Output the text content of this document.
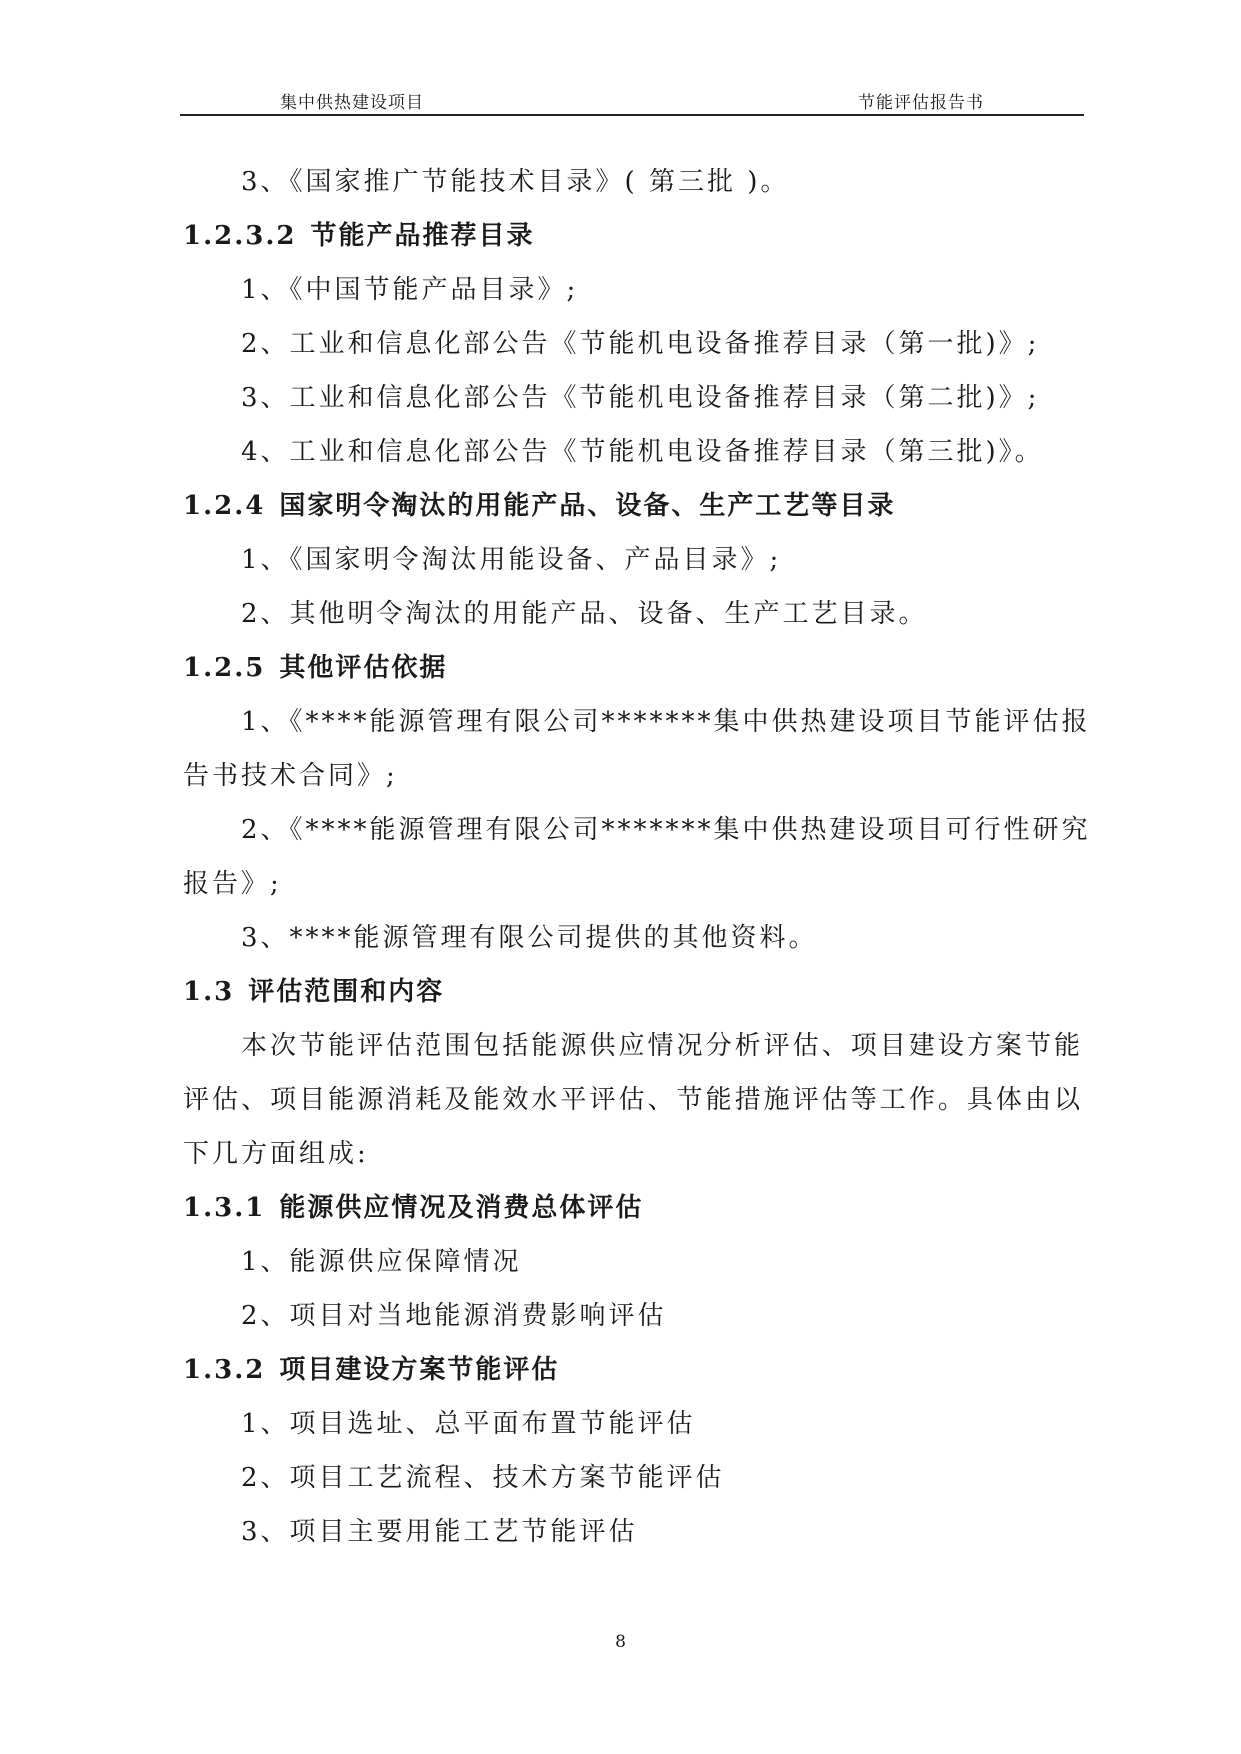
集中供热建设项目	节能评估报告书
3、《国家推广节能技术目录》( 第三批 )。
1.2.3.2 节能产品推荐目录
1、《中国节能产品目录》;
2、工业和信息化部公告《节能机电设备推荐目录（第一批)》;
3、工业和信息化部公告《节能机电设备推荐目录（第二批)》;
4、工业和信息化部公告《节能机电设备推荐目录（第三批)》。
1.2.4 国家明令淘汰的用能产品、设备、生产工艺等目录
1、《国家明令淘汰用能设备、产品目录》;
2、其他明令淘汰的用能产品、设备、生产工艺目录。
1.2.5 其他评估依据
1、《****能源管理有限公司*******集中供热建设项目节能评估报
告书技术合同》;
2、《****能源管理有限公司*******集中供热建设项目可行性研究
报告》;
3、****能源管理有限公司提供的其他资料。
1.3 评估范围和内容
本次节能评估范围包括能源供应情况分析评估、项目建设方案节能
评估、项目能源消耗及能效水平评估、节能措施评估等工作。具体由以
下几方面组成:
1.3.1 能源供应情况及消费总体评估
1、能源供应保障情况
2、项目对当地能源消费影响评估
1.3.2 项目建设方案节能评估
1、项目选址、总平面布置节能评估
2、项目工艺流程、技术方案节能评估
3、项目主要用能工艺节能评估
8
